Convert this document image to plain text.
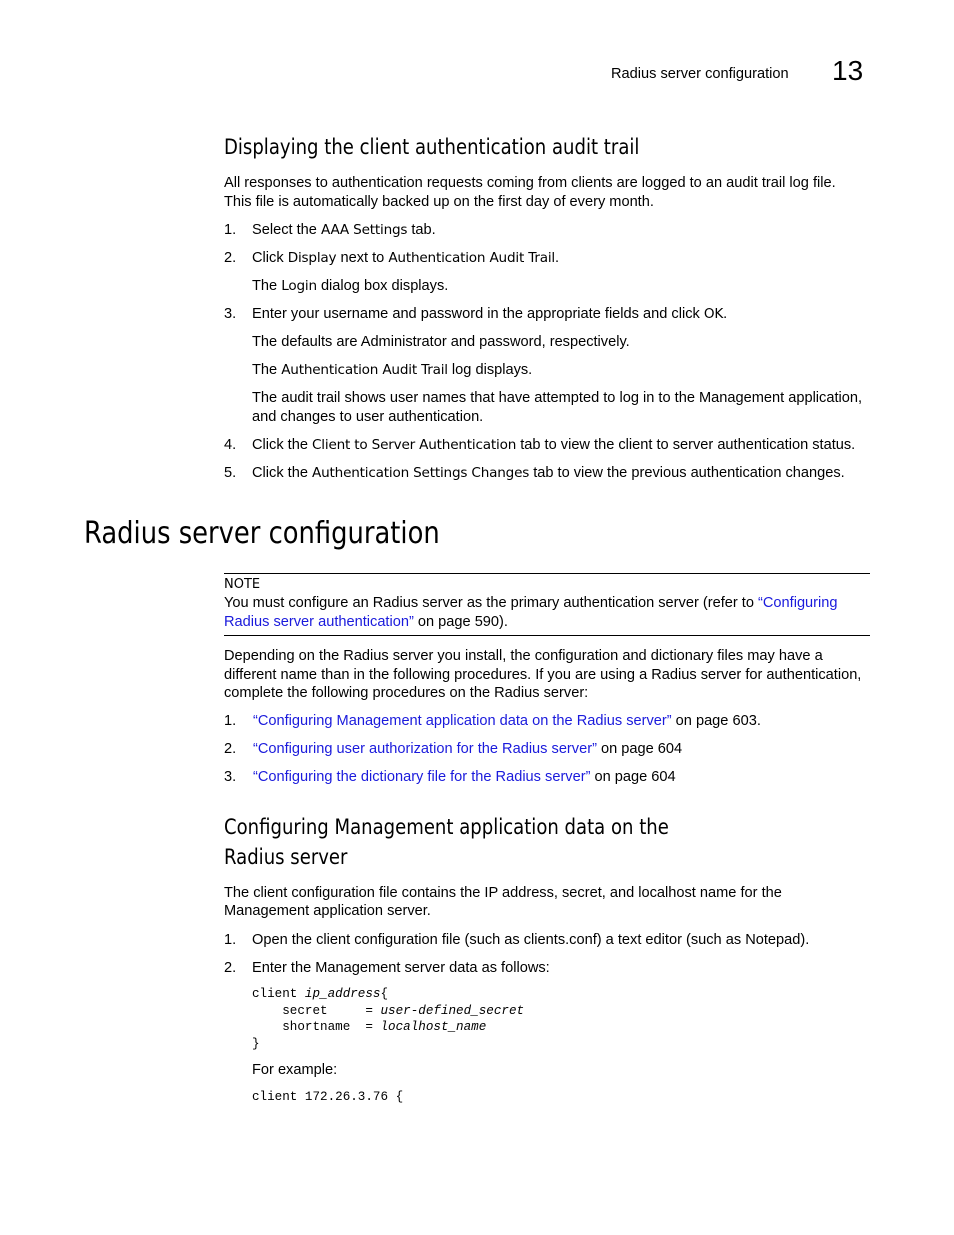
Radius server configuration 13
Displaying the client authentication audit trail
All responses to authentication requests coming from clients are logged to an audit trail log file.
This file is automatically backed up on the first day of every month.
1. Select the AAA Settings tab.
2. Click Display next to Authentication Audit Trail.
The Login dialog box displays.
3. Enter your username and password in the appropriate fields and click OK.
The defaults are Administrator and password, respectively.
The Authentication Audit Trail log displays.
The audit trail shows user names that have attempted to log in to the Management application,
and changes to user authentication.
4. Click the Client to Server Authentication tab to view the client to server authentication status.
5. Click the Authentication Settings Changes tab to view the previous authentication changes.
Radius server configuration
NOTE
You must configure an Radius server as the primary authentication server (refer to “Configuring
Radius server authentication” on page 590).
Depending on the Radius server you install, the configuration and dictionary files may have a
different name than in the following procedures. If you are using a Radius server for authentication,
complete the following procedures on the Radius server:
1. “Configuring Management application data on the Radius server” on page 603.
2. “Configuring user authorization for the Radius server” on page 604
3. “Configuring the dictionary file for the Radius server” on page 604
Configuring Management application data on the
Radius server
The client configuration file contains the IP address, secret, and localhost name for the
Management application server.
1. Open the client configuration file (such as clients.conf) a text editor (such as Notepad).
2. Enter the Management server data as follows:
client ip_address{
secret     = user-defined_secret
shortname  = localhost_name
}
For example:
client 172.26.3.76 {
